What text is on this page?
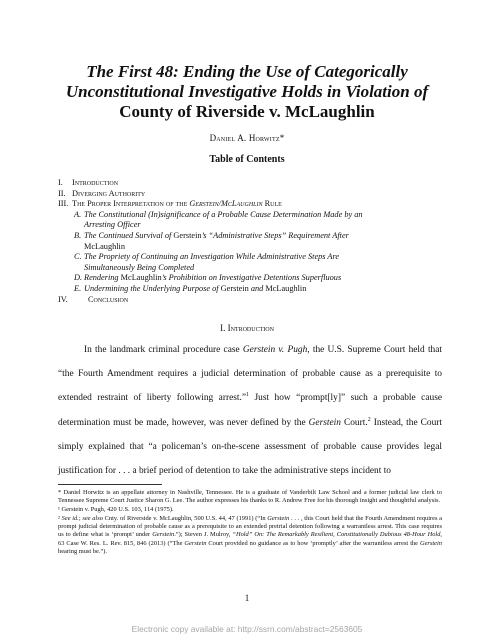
The First 48: Ending the Use of Categorically
Unconstitutional Investigative Holds in Violation of
County of Riverside v. McLaughlin
Daniel A. Horwitz*
Table of Contents
I. Introduction
II. Diverging Authority
III. The Proper Interpretation of the Gerstein/McLaughlin Rule
A. The Constitutional (In)significance of a Probable Cause Determination Made by an
Arresting Officer
B. The Continued Survival of Gerstein’s “Administrative Steps” Requirement After
McLaughlin
C. The Propriety of Continuing an Investigation While Administrative Steps Are
Simultaneously Being Completed
D. Rendering McLaughlin’s Prohibition on Investigative Detentions Superfluous
E. Undermining the Underlying Purpose of Gerstein and McLaughlin
IV. Conclusion
I. Introduction

In the landmark criminal procedure case Gerstein v. Pugh, the U.S. Supreme Court held that “the Fourth Amendment requires a judicial determination of probable cause as a prerequisite to extended restraint of liberty following arrest.”$^1$ Just how “prompt[ly]” such a probable cause determination must be made, however, was never defined by the Gerstein Court.$^2$ Instead, the Court simply explained that “a policeman’s on-the-scene assessment of probable cause provides legal justification for . . . a brief period of detention to take the administrative steps incident to

* Daniel Horwitz is an appellate attorney in Nashville, Tennessee. He is a graduate of Vanderbilt Law School and a former judicial law clerk to Tennessee Supreme Court Justice Sharon G. Lee. The author expresses his thanks to R. Andrew Free for his thorough insight and thoughtful analysis.

¹ Gerstein v. Pugh, 420 U.S. 103, 114 (1975).

² See id.; see also Cnty. of Riverside v. McLaughlin, 500 U.S. 44, 47 (1991) (“In Gerstein . . . , this Court held that the Fourth Amendment requires a prompt judicial determination of probable cause as a prerequisite to an extended pretrial detention following a warrantless arrest. This case requires us to define what is ‘prompt’ under Gerstein.”); Steven J. Mulroy, “Hold” On: The Remarkably Resilient, Constitutionally Dubious 48-Hour Hold, 63 Case W. Res. L. Rev. 815, 846 (2013) (“The Gerstein Court provided no guidance as to how ‘promptly’ after the warrantless arrest the Gerstein hearing must be.”).

1
Electronic copy available at: http://ssrn.com/abstract=2563605
